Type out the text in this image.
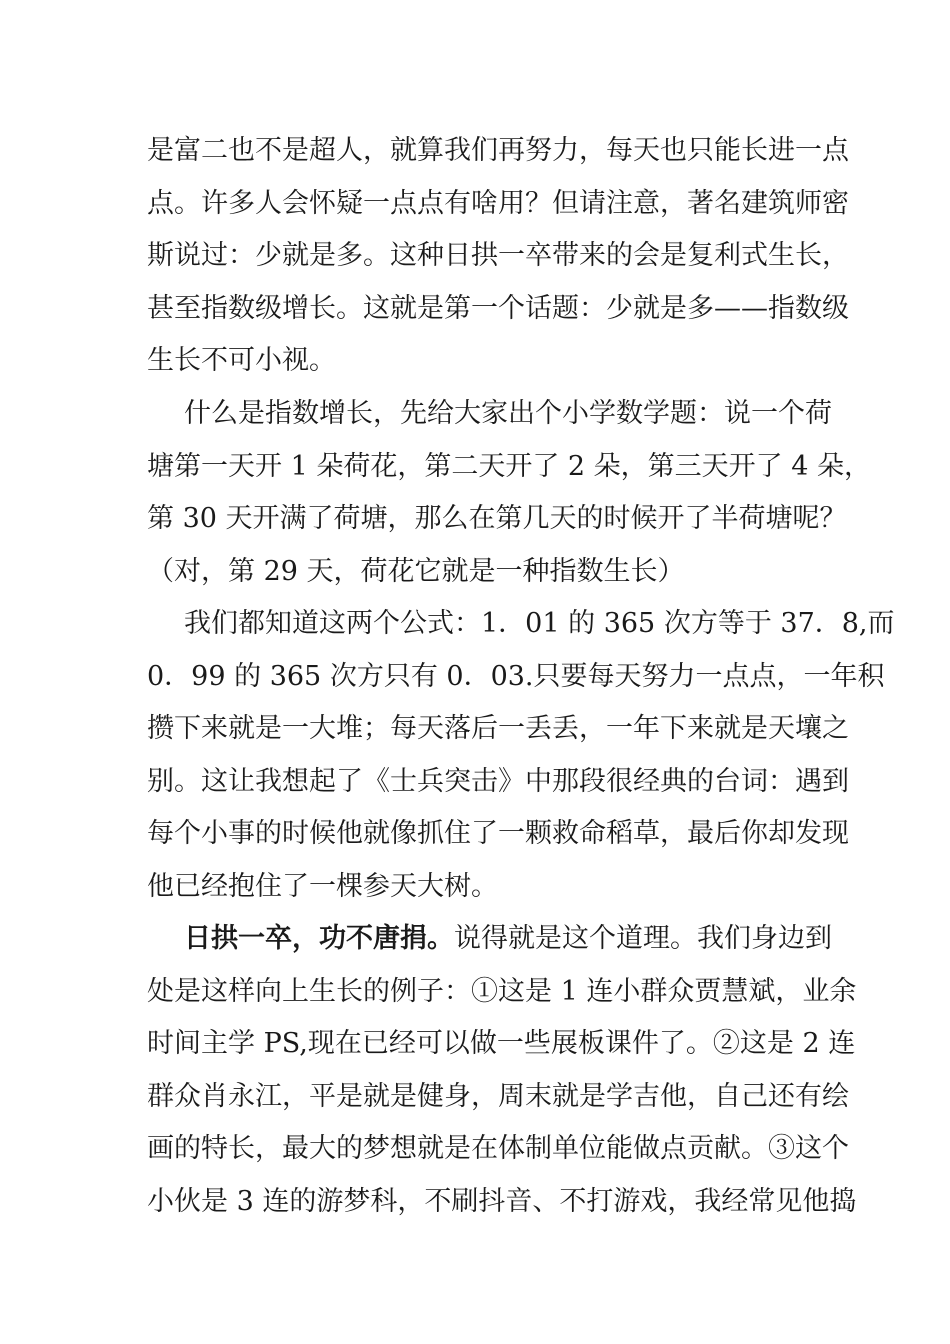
是富二也不是超人，就算我们再努力，每天也只能长进一点
点。许多人会怀疑一点点有啥用？但请注意，著名建筑师密
斯说过：少就是多。这种日拱一卒带来的会是复利式生长，
甚至指数级增长。这就是第一个话题：少就是多——指数级
生长不可小视。
什么是指数增长，先给大家出个小学数学题：说一个荷
塘第一天开 1 朵荷花，第二天开了 2 朵，第三天开了 4 朵，
第 30 天开满了荷塘，那么在第几天的时候开了半荷塘呢？
（对，第 29 天，荷花它就是一种指数生长）
我们都知道这两个公式：1．01 的 365 次方等于 37．8,而
0．99 的 365 次方只有 0．03.只要每天努力一点点，一年积
攒下来就是一大堆；每天落后一丢丢，一年下来就是天壤之
别。这让我想起了《士兵突击》中那段很经典的台词：遇到
每个小事的时候他就像抓住了一颗救命稻草，最后你却发现
他已经抱住了一棵参天大树。
日拱一卒，功不唐捐。 说得就是这个道理。我们身边到
处是这样向上生长的例子：①这是 1 连小群众贾慧斌，业余
时间主学 PS,现在已经可以做一些展板课件了。②这是 2 连
群众肖永江，平是就是健身，周末就是学吉他，自己还有绘
画的特长，最大的梦想就是在体制单位能做点贡献。③这个
小伙是 3 连的游梦科，不刷抖音、不打游戏，我经常见他捣
